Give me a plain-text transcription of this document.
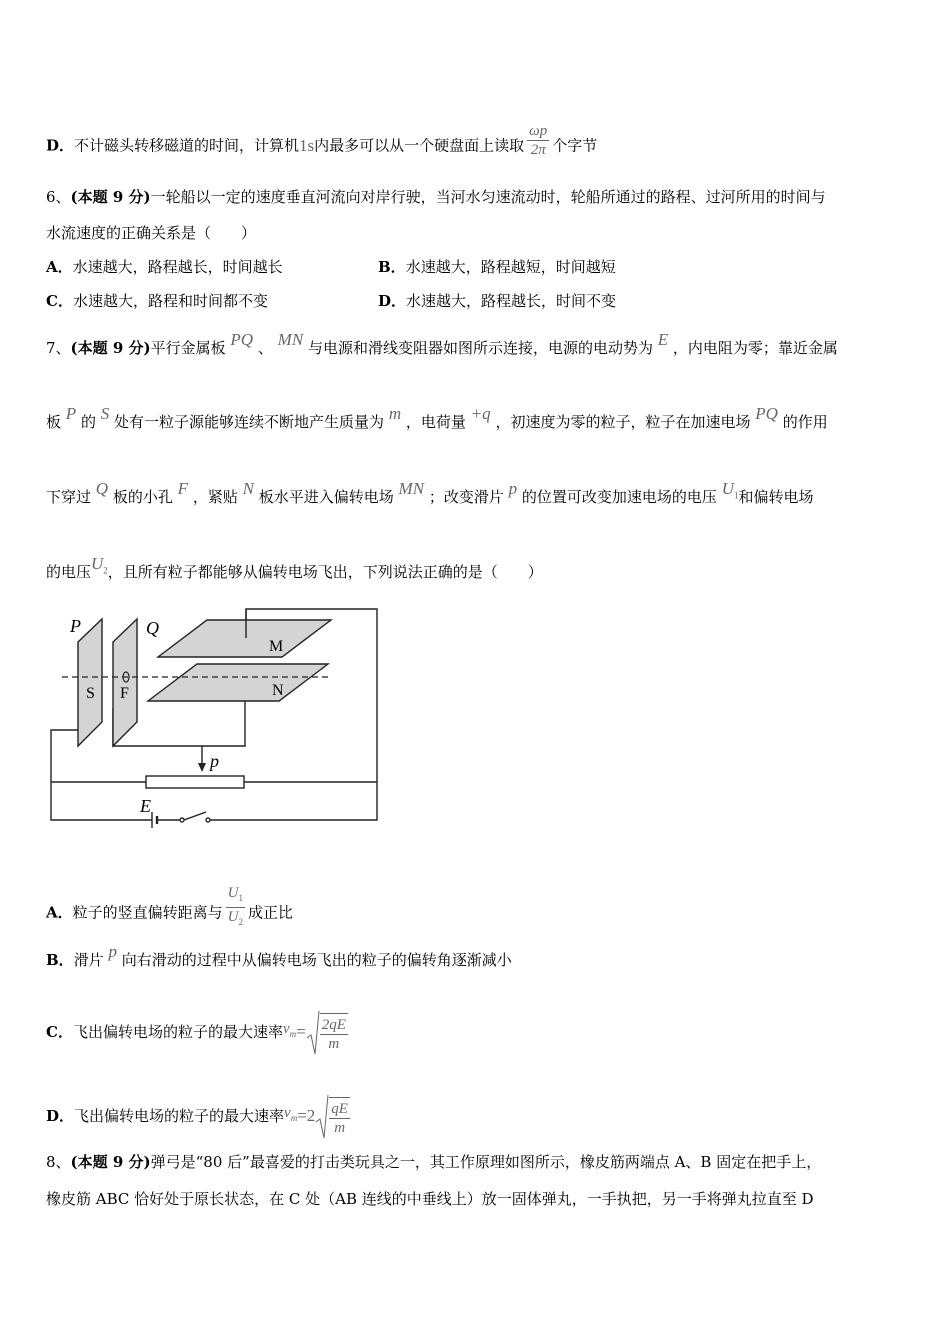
D．不计磁头转移磁道的时间，计算机1s内最多可以从一个硬盘面上读取 $\frac{\omega p}{2\pi}$ 个字节
6、(本题 9 分)一轮船以一定的速度垂直河流向对岸行驶，当河水匀速流动时，轮船所通过的路程、过河所用的时间与
水流速度的正确关系是（　　）
A．水速越大，路程越长，时间越长	B．水速越大，路程越短，时间越短
C．水速越大，路程和时间都不变	D．水速越大，路程越长，时间不变
7、(本题 9 分)平行金属板 PQ 、 MN 与电源和滑线变阻器如图所示连接，电源的电动势为 E ，内电阻为零；靠近金属
板 P 的 S 处有一粒子源能够连续不断地产生质量为 m ，电荷量 +q ，初速度为零的粒子，粒子在加速电场 PQ 的作用
下穿过 Q 板的小孔 F ，紧贴 N 板水平进入偏转电场 MN ；改变滑片 p 的位置可改变加速电场的电压 $U_1$和偏转电场
的电压$U_2$，且所有粒子都能够从偏转电场飞出，下列说法正确的是（　　）
P	Q
M
N
S F
p
E
A．粒子的竖直偏转距离与 $\frac{U_1}{U_2}$ 成正比
B．滑片 p 向右滑动的过程中从偏转电场飞出的粒子的偏转角逐渐减小
C．飞出偏转电场的粒子的最大速率$v_m= \frac{2qE}{m}$
D．飞出偏转电场的粒子的最大速率$v_m=2 \frac{qE}{m}$
8、(本题 9 分)弹弓是“80 后”最喜爱的打击类玩具之一，其工作原理如图所示，橡皮筋两端点 A、B 固定在把手上，
橡皮筋 ABC 恰好处于原长状态，在 C 处（AB 连线的中垂线上）放一固体弹丸，一手执把，另一手将弹丸拉直至 D
